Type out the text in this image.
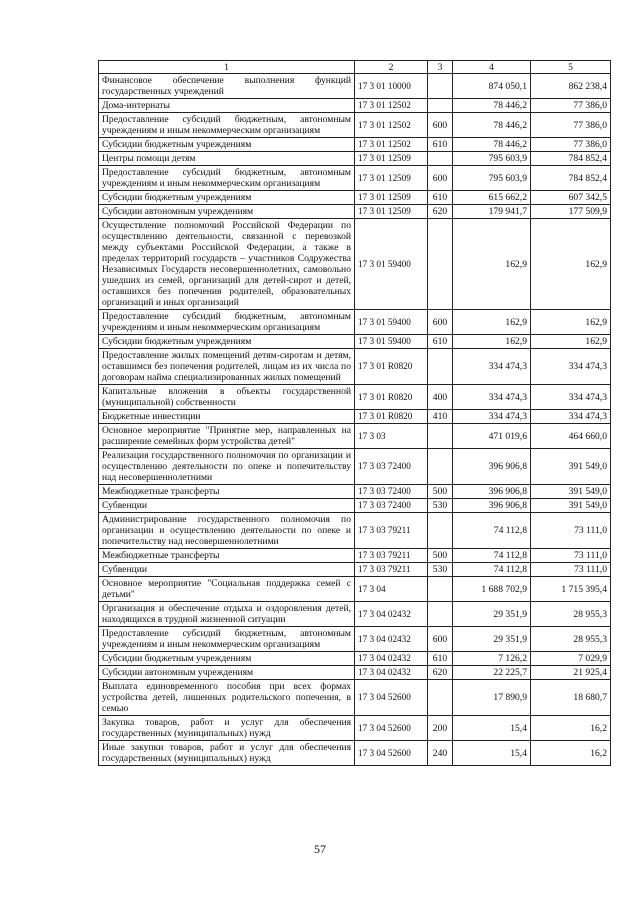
1	2	3	4	5
Финансовое обеспечение выполнения функций государственных учреждений	17 3 01 10000		874 050,1	862 238,4
Дома-интернаты	17 3 01 12502		78 446,2	77 386,0
Предоставление субсидий бюджетным, автономным учреждениям и иным некоммерческим организациям	17 3 01 12502	600	78 446,2	77 386,0
Субсидии бюджетным учреждениям	17 3 01 12502	610	78 446,2	77 386,0
Центры помощи детям	17 3 01 12509		795 603,9	784 852,4
Предоставление субсидий бюджетным, автономным учреждениям и иным некоммерческим организациям	17 3 01 12509	600	795 603,9	784 852,4
Субсидии бюджетным учреждениям	17 3 01 12509	610	615 662,2	607 342,5
Субсидии автономным учреждениям	17 3 01 12509	620	179 941,7	177 509,9
Осуществление полномочий Российской Федерации по осуществлению деятельности, связанной с перевозкой между субъектами Российской Федерации, а также в пределах территорий государств – участников Содружества Независимых Государств несовершеннолетних, самовольно ушедших из семей, организаций для детей-сирот и детей, оставшихся без попечения родителей, образовательных организаций и иных организаций	17 3 01 59400		162,9	162,9
Предоставление субсидий бюджетным, автономным учреждениям и иным некоммерческим организациям	17 3 01 59400	600	162,9	162,9
Субсидии бюджетным учреждениям	17 3 01 59400	610	162,9	162,9
Предоставление жилых помещений детям-сиротам и детям, оставшимся без попечения родителей, лицам из их числа по договорам найма специализированных жилых помещений	17 3 01 R0820		334 474,3	334 474,3
Капитальные вложения в объекты государственной (муниципальной) собственности	17 3 01 R0820	400	334 474,3	334 474,3
Бюджетные инвестиции	17 3 01 R0820	410	334 474,3	334 474,3
Основное мероприятие "Принятие мер, направленных на расширение семейных форм устройства детей"	17 3 03		471 019,6	464 660,0
Реализация государственного полномочия по организации и осуществлению деятельности по опеке и попечительству над несовершеннолетними	17 3 03 72400		396 906,8	391 549,0
Межбюджетные трансферты	17 3 03 72400	500	396 906,8	391 549,0
Субвенции	17 3 03 72400	530	396 906,8	391 549,0
Администрирование государственного полномочия по организации и осуществлению деятельности по опеке и попечительству над несовершеннолетними	17 3 03 79211		74 112,8	73 111,0
Межбюджетные трансферты	17 3 03 79211	500	74 112,8	73 111,0
Субвенции	17 3 03 79211	530	74 112,8	73 111,0
Основное мероприятие "Социальная поддержка семей с детьми"	17 3 04		1 688 702,9	1 715 395,4
Организация и обеспечение отдыха и оздоровления детей, находящихся в трудной жизненной ситуации	17 3 04 02432		29 351,9	28 955,3
Предоставление субсидий бюджетным, автономным учреждениям и иным некоммерческим организациям	17 3 04 02432	600	29 351,9	28 955,3
Субсидии бюджетным учреждениям	17 3 04 02432	610	7 126,2	7 029,9
Субсидии автономным учреждениям	17 3 04 02432	620	22 225,7	21 925,4
Выплата единовременного пособия при всех формах устройства детей, лишенных родительского попечения, в семью	17 3 04 52600		17 890,9	18 680,7
Закупка товаров, работ и услуг для обеспечения государственных (муниципальных) нужд	17 3 04 52600	200	15,4	16,2
Иные закупки товаров, работ и услуг для обеспечения государственных (муниципальных) нужд	17 3 04 52600	240	15,4	16,2
57
